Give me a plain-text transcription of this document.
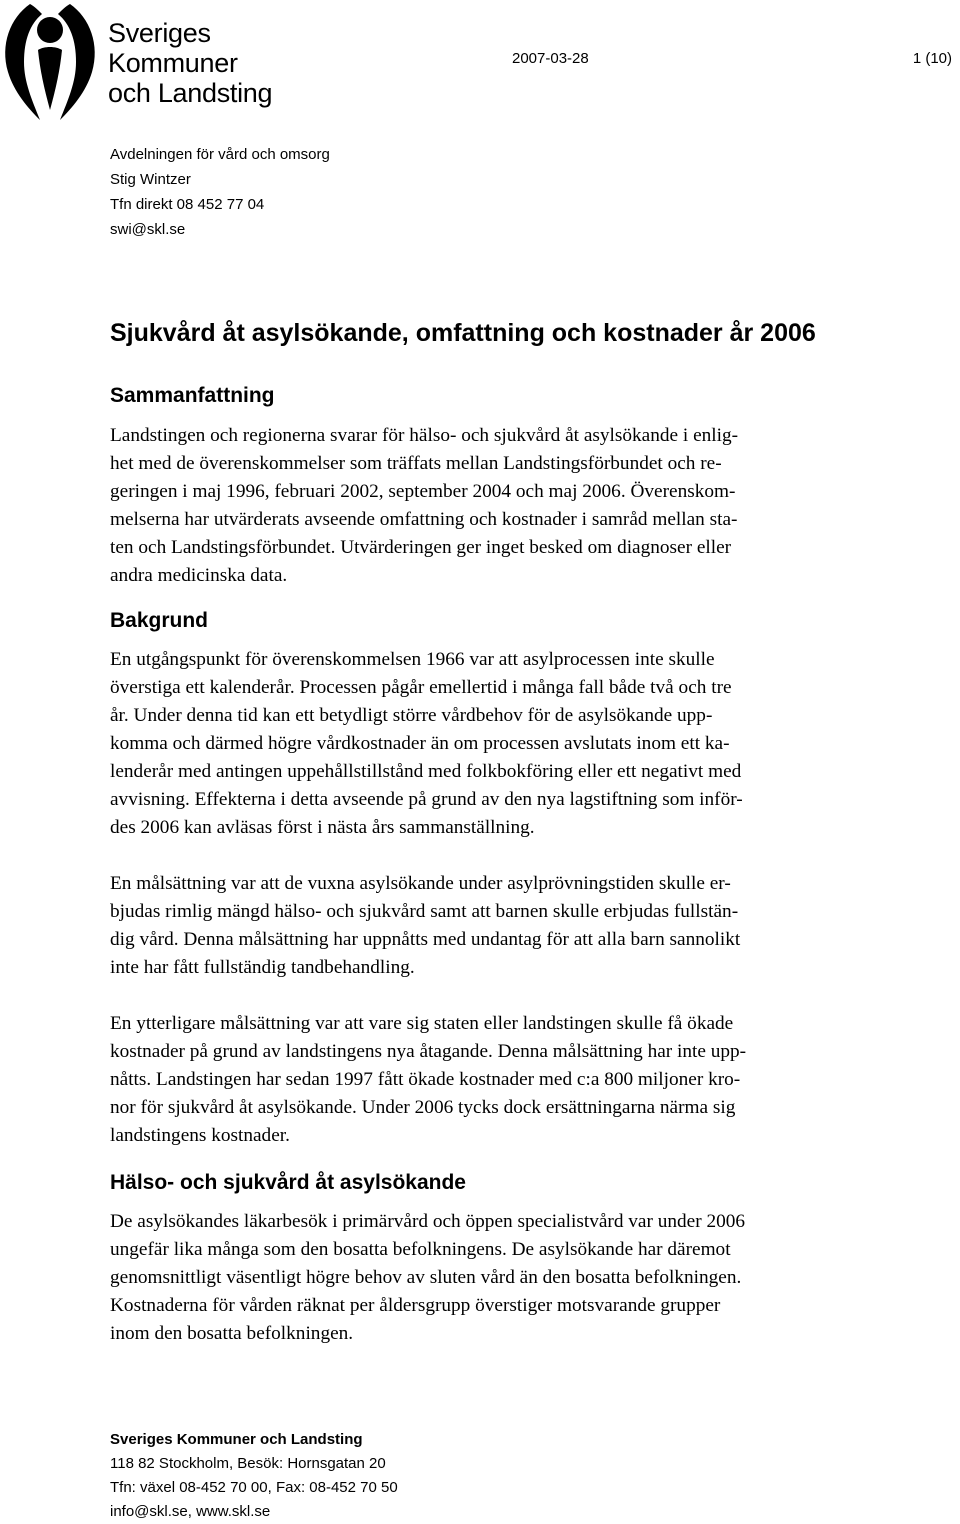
Sveriges
Kommuner
och Landsting
2007-03-28	1 (10)
Avdelningen för vård och omsorg
Stig Wintzer
Tfn direkt 08 452 77 04
swi@skl.se
Sjukvård åt asylsökande, omfattning och kostnader år 2006
Sammanfattning
Landstingen och regionerna svarar för hälso- och sjukvård åt asylsökande i enlig-
het med de överenskommelser som träffats mellan Landstingsförbundet och re-
geringen i maj 1996, februari 2002, september 2004 och maj 2006. Överenskom-
melserna har utvärderats avseende omfattning och kostnader i samråd mellan sta-
ten och Landstingsförbundet. Utvärderingen ger inget besked om diagnoser eller
andra medicinska data.
Bakgrund
En utgångspunkt för överenskommelsen 1966 var att asylprocessen inte skulle
överstiga ett kalenderår. Processen pågår emellertid i många fall både två och tre
år. Under denna tid kan ett betydligt större vårdbehov för de asylsökande upp-
komma och därmed högre vårdkostnader än om processen avslutats inom ett ka-
lenderår med antingen uppehållstillstånd med folkbokföring eller ett negativt med
avvisning. Effekterna i detta avseende på grund av den nya lagstiftning som inför-
des 2006 kan avläsas först i nästa års sammanställning.
En målsättning var att de vuxna asylsökande under asylprövningstiden skulle er-
bjudas rimlig mängd hälso- och sjukvård samt att barnen skulle erbjudas fullstän-
dig vård. Denna målsättning har uppnåtts med undantag för att alla barn sannolikt
inte har fått fullständig tandbehandling.
En ytterligare målsättning var att vare sig staten eller landstingen skulle få ökade
kostnader på grund av landstingens nya åtagande. Denna målsättning har inte upp-
nåtts. Landstingen har sedan 1997 fått ökade kostnader med c:a 800 miljoner kro-
nor för sjukvård åt asylsökande. Under 2006 tycks dock ersättningarna närma sig
landstingens kostnader.
Hälso- och sjukvård åt asylsökande
De asylsökandes läkarbesök i primärvård och öppen specialistvård var under 2006
ungefär lika många som den bosatta befolkningens. De asylsökande har däremot
genomsnittligt väsentligt högre behov av sluten vård än den bosatta befolkningen.
Kostnaderna för vården räknat per åldersgrupp överstiger motsvarande grupper
inom den bosatta befolkningen.
Sveriges Kommuner och Landsting
118 82 Stockholm, Besök: Hornsgatan 20
Tfn: växel 08-452 70 00, Fax: 08-452 70 50
info@skl.se, www.skl.se
